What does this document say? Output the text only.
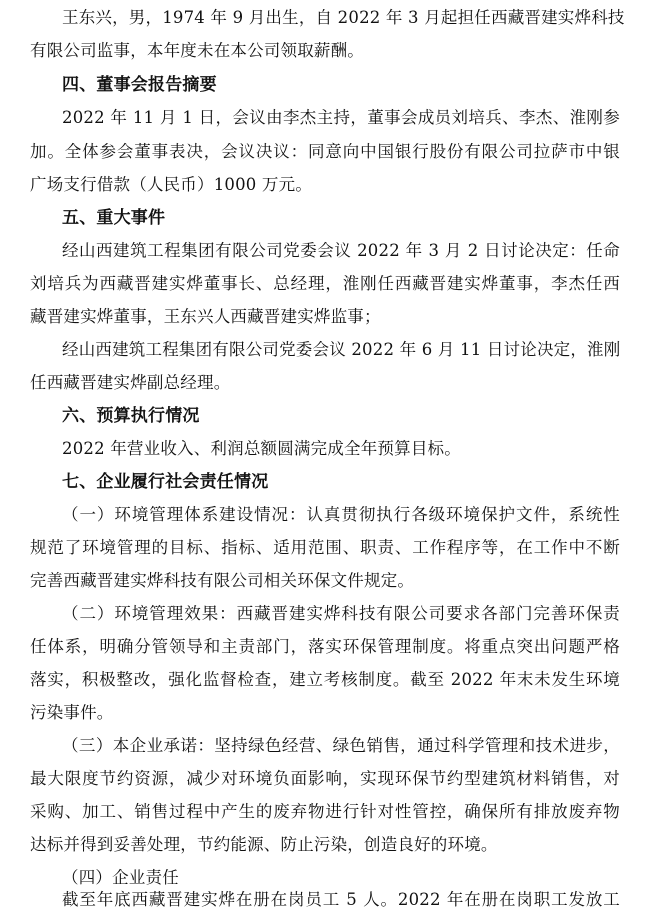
王东兴，男，1974 年 9 月出生，自 2022 年 3 月起担任西藏晋建实烨科技
有限公司监事，本年度未在本公司领取薪酬。
四、董事会报告摘要
2022 年 11 月 1 日，会议由李杰主持，董事会成员刘培兵、李杰、淮刚参
加。全体参会董事表决，会议决议：同意向中国银行股份有限公司拉萨市中银
广场支行借款（人民币）1000 万元。
五、重大事件
经山西建筑工程集团有限公司党委会议 2022 年 3 月 2 日讨论决定：任命
刘培兵为西藏晋建实烨董事长、总经理，淮刚任西藏晋建实烨董事，李杰任西
藏晋建实烨董事，王东兴人西藏晋建实烨监事；
经山西建筑工程集团有限公司党委会议 2022 年 6 月 11 日讨论决定，淮刚
任西藏晋建实烨副总经理。
六、预算执行情况
2022 年营业收入、利润总额圆满完成全年预算目标。
七、企业履行社会责任情况
（一）环境管理体系建设情况：认真贯彻执行各级环境保护文件，系统性
规范了环境管理的目标、指标、适用范围、职责、工作程序等，在工作中不断
完善西藏晋建实烨科技有限公司相关环保文件规定。
（二）环境管理效果：西藏晋建实烨科技有限公司要求各部门完善环保责
任体系，明确分管领导和主责部门，落实环保管理制度。将重点突出问题严格
落实，积极整改，强化监督检查，建立考核制度。截至 2022 年末未发生环境
污染事件。
（三）本企业承诺：坚持绿色经营、绿色销售，通过科学管理和技术进步，
最大限度节约资源，减少对环境负面影响，实现环保节约型建筑材料销售，对
采购、加工、销售过程中产生的废弃物进行针对性管控，确保所有排放废弃物
达标并得到妥善处理，节约能源、防止污染，创造良好的环境。
（四）企业责任
截至年底西藏晋建实烨在册在岗员工 5 人。2022 年在册在岗职工发放工
